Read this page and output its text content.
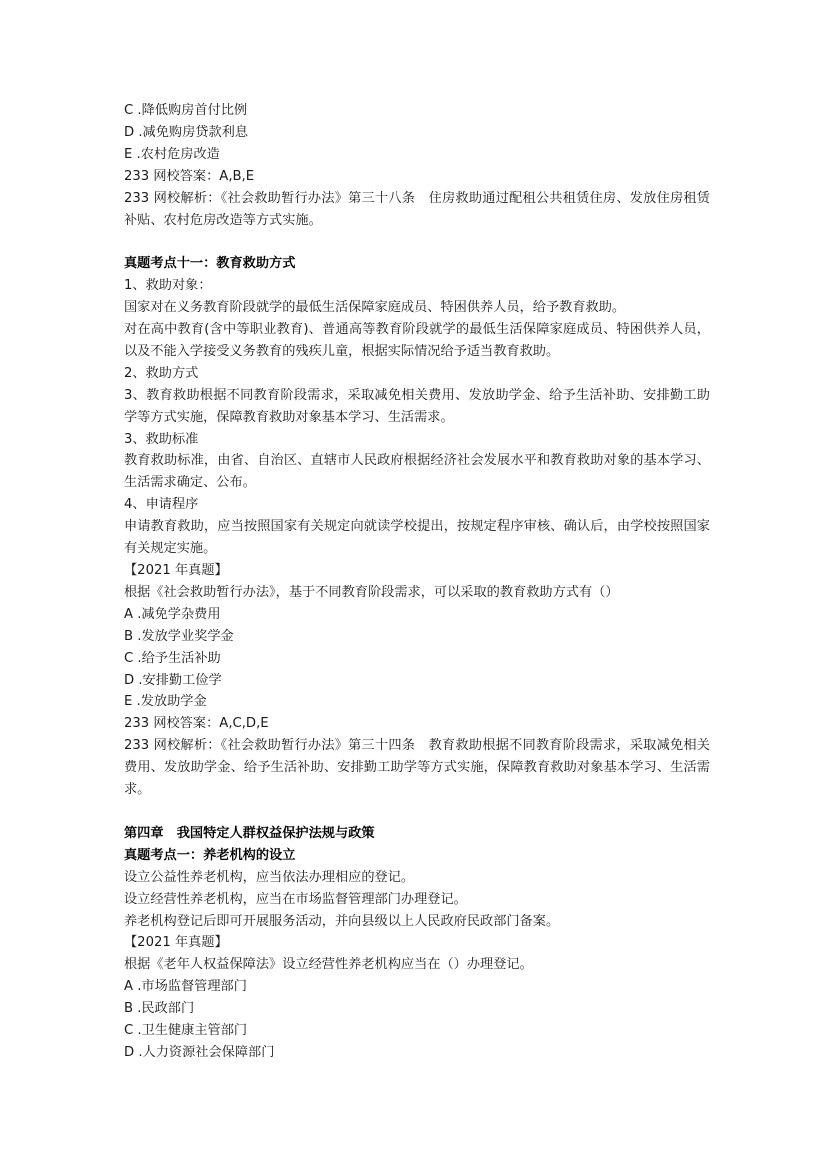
C .降低购房首付比例

D .减免购房贷款利息

E .农村危房改造

233 网校答案：A,B,E

233 网校解析：《社会救助暂行办法》第三十八条　住房救助通过配租公共租赁住房、发放住房租赁补贴、农村危房改造等方式实施。

真题考点十一：教育救助方式

1、救助对象：

国家对在义务教育阶段就学的最低生活保障家庭成员、特困供养人员，给予教育救助。

对在高中教育(含中等职业教育)、普通高等教育阶段就学的最低生活保障家庭成员、特困供养人员，以及不能入学接受义务教育的残疾儿童，根据实际情况给予适当教育救助。

2、救助方式

3、教育救助根据不同教育阶段需求，采取减免相关费用、发放助学金、给予生活补助、安排勤工助学等方式实施，保障教育救助对象基本学习、生活需求。

3、救助标准

教育救助标准，由省、自治区、直辖市人民政府根据经济社会发展水平和教育救助对象的基本学习、生活需求确定、公布。

4、申请程序

申请教育救助，应当按照国家有关规定向就读学校提出，按规定程序审核、确认后，由学校按照国家有关规定实施。

【2021 年真题】

根据《社会救助暂行办法》，基于不同教育阶段需求，可以采取的教育救助方式有（）

A .减免学杂费用

B .发放学业奖学金

C .给予生活补助

D .安排勤工俭学

E .发放助学金

233 网校答案：A,C,D,E

233 网校解析：《社会救助暂行办法》第三十四条　教育救助根据不同教育阶段需求，采取减免相关费用、发放助学金、给予生活补助、安排勤工助学等方式实施，保障教育救助对象基本学习、生活需求。

第四章　我国特定人群权益保护法规与政策

真题考点一：养老机构的设立

设立公益性养老机构，应当依法办理相应的登记。

设立经营性养老机构，应当在市场监督管理部门办理登记。

养老机构登记后即可开展服务活动，并向县级以上人民政府民政部门备案。

【2021 年真题】

根据《老年人权益保障法》设立经营性养老机构应当在（）办理登记。

A .市场监督管理部门

B .民政部门

C .卫生健康主管部门

D .人力资源社会保障部门
